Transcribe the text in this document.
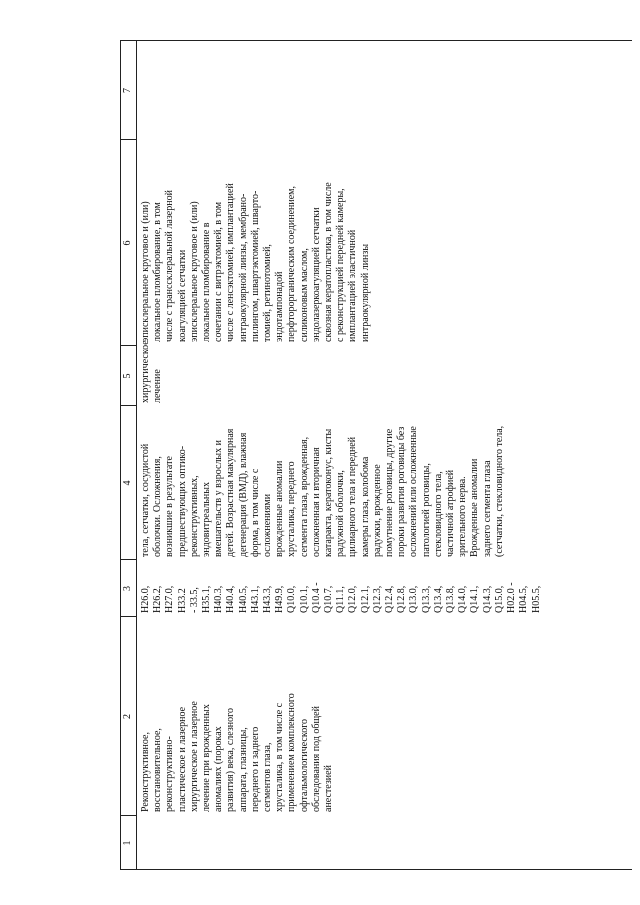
1
2
3
4
5
6
7
Реконструктивное, восстановительное, реконструктивно- пластическое и лазерное хирургическое и лазерное лечение при врожденных аномалиях (пороках развития) века, слезного аппарата, глазницы, переднего и заднего сегментов глаза, хрусталика, в том числе с применением комплексного офтальмологического обследования под общей анестезией
H26.0, H26.2, H27.0, H33.2 - 33.5, H35.1, H40.3, H40.4, H40.5, H43.1, H43.3, H49.9, Q10.0, Q10.1, Q10.4 - Q10.7, Q11.1, Q12.0, Q12.1, Q12.3, Q12.4, Q12.8, Q13.0, Q13.3, Q13.4, Q13.8, Q14.0, Q14.1, Q14.3, Q15.0, H02.0 - H04.5, H05.5,
тела, сетчатки, сосудистой оболочки. Осложнения, возникшие в результате предшествующих оптико- реконструктивных, эндовитреальных вмешательств у взрослых и детей. Возрастная макулярная дегенерация (ВМД), влажная форма, в том числе с осложнениями врожденные аномалии хрусталика, переднего сегмента глаза, врожденная, осложненная и вторичная катаракта, кератоконус, кисты радужной оболочки, цилиарного тела и передней камеры глаза, колобома радужки, врожденное помутнение роговицы, другие пороки развития роговицы без осложнений или осложненные патологией роговицы, стекловидного тела, частичной атрофией зрительного нерва. Врожденные аномалии заднего сегмента глаза (сетчатки, стекловидного тела,
хирургическое лечение
эписклеральное круговое и (или) локальное пломбирование, в том числе с транссклеральной лазерной коагуляцией сетчатки эписклеральное круговое и (или) локальное пломбирование в сочетании с витрэктомией, в том числе с ленсэктомией, имплантацией интраокулярной линзы, мембрано- пилингом, швартэктомией, шварто- томией, ретинотомией, эндотампонадой перфторорганическим соединением, силиконовым маслом, эндолазеркоагуляцией сетчатки сквозная кератопластика, в том числе с реконструкцией передней камеры, имплантацией эластичной интраокулярной линзы
